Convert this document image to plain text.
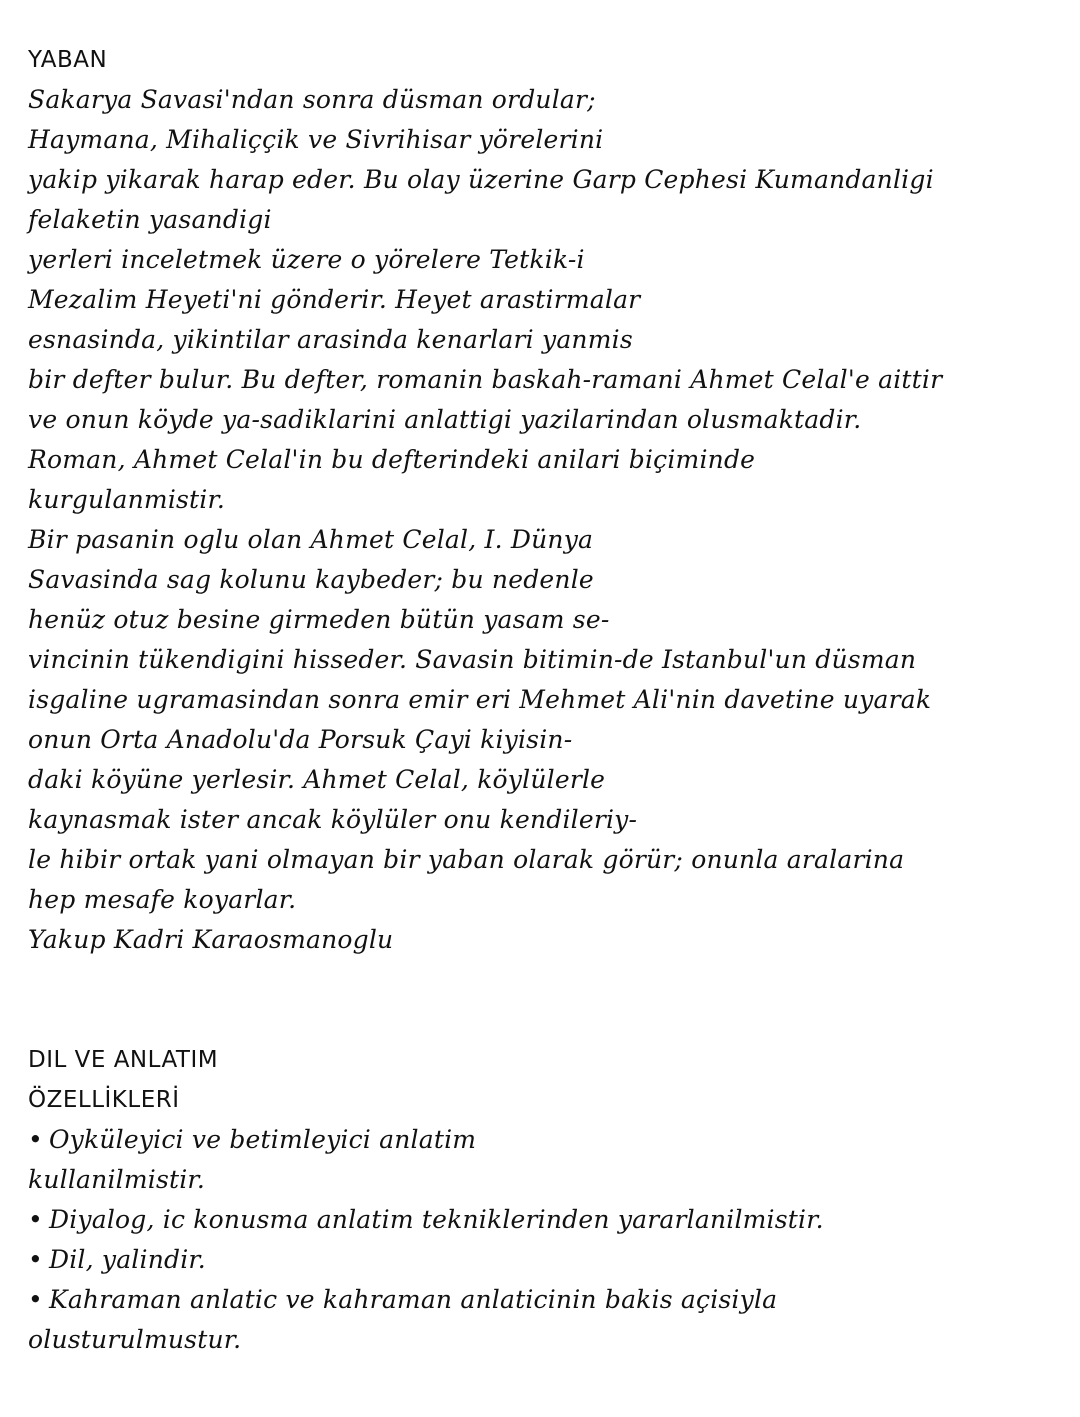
YABAN
Sakarya Savasi'ndan sonra düsman ordular;
Haymana, Mihaliççik ve Sivrihisar yörelerini
yakip yikarak harap eder. Bu olay üzerine Garp Cephesi Kumandanligi
felaketin yasandigi
yerleri inceletmek üzere o yörelere Tetkik-i
Mezalim Heyeti'ni gönderir. Heyet arastirmalar
esnasinda, yikintilar arasinda kenarlari yanmis
bir defter bulur. Bu defter, romanin baskah-ramani Ahmet Celal'e aittir
ve onun köyde ya-sadiklarini anlattigi yazilarindan olusmaktadir.
Roman, Ahmet Celal'in bu defterindeki anilari biçiminde
kurgulanmistir.
Bir pasanin oglu olan Ahmet Celal, I. Dünya
Savasinda sag kolunu kaybeder; bu nedenle
henüz otuz besine girmeden bütün yasam se-
vincinin tükendigini hisseder. Savasin bitimin-de Istanbul'un düsman
isgaline ugramasindan sonra emir eri Mehmet Ali'nin davetine uyarak
onun Orta Anadolu'da Porsuk Çayi kiyisin-
daki köyüne yerlesir. Ahmet Celal, köylülerle
kaynasmak ister ancak köylüler onu kendileriy-
le hibir ortak yani olmayan bir yaban olarak görür; onunla aralarina
hep mesafe koyarlar.
Yakup Kadri Karaosmanoglu
DIL VE ANLATIM
ÖZELLİKLERİ
• Oykülеyici ve betimleyici anlatim
kullanilmistir.
• Diyalog, ic konusma anlatim tekniklerinden yararlanilmistir.
• Dil, yalindir.
• Kahraman anlatic ve kahraman anlaticinin bakis açisiyla
olusturulmustur.
